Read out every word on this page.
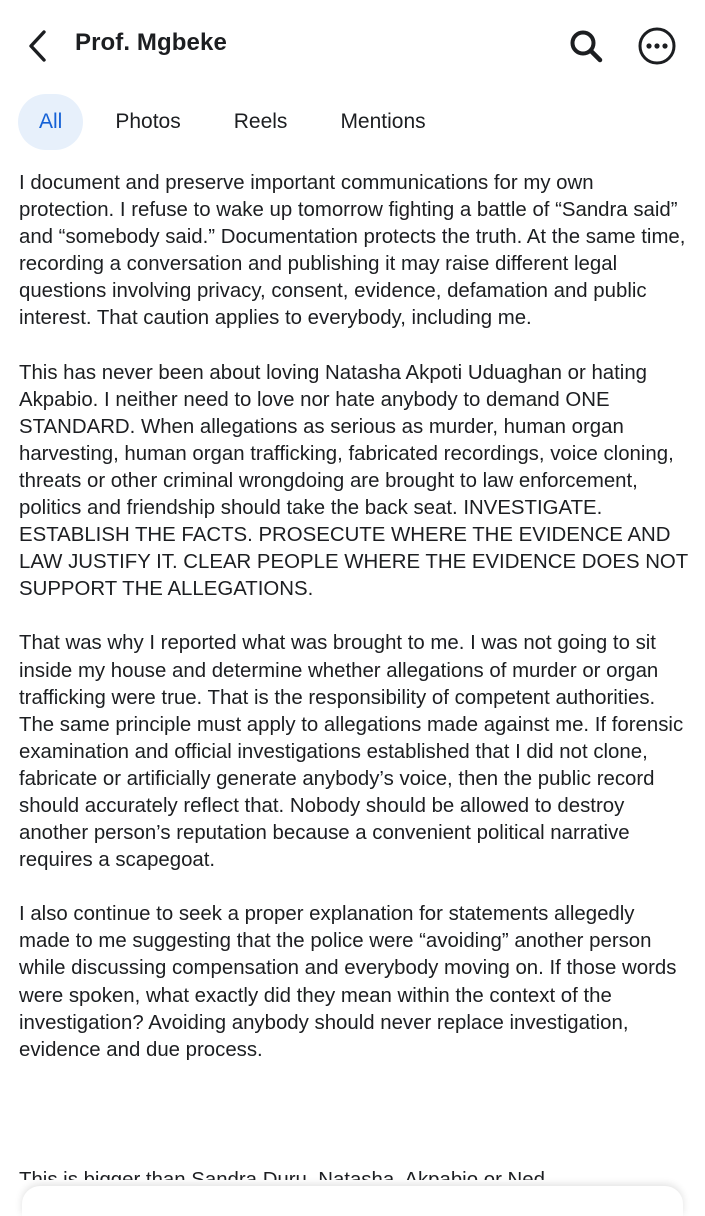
Prof. Mgbeke
All	Photos	Reels	Mentions

I document and preserve important communications for my own protection. I refuse to wake up tomorrow fighting a battle of “Sandra said” and “somebody said.” Documentation protects the truth. At the same time, recording a conversation and publishing it may raise different legal questions involving privacy, consent, evidence, defamation and public interest. That caution applies to everybody, including me.

This has never been about loving Natasha Akpoti Uduaghan or hating Akpabio. I neither need to love nor hate anybody to demand ONE STANDARD. When allegations as serious as murder, human organ harvesting, human organ trafficking, fabricated recordings, voice cloning, threats or other criminal wrongdoing are brought to law enforcement, politics and friendship should take the back seat. INVESTIGATE. ESTABLISH THE FACTS. PROSECUTE WHERE THE EVIDENCE AND LAW JUSTIFY IT. CLEAR PEOPLE WHERE THE EVIDENCE DOES NOT SUPPORT THE ALLEGATIONS.

That was why I reported what was brought to me. I was not going to sit inside my house and determine whether allegations of murder or organ trafficking were true. That is the responsibility of competent authorities. The same principle must apply to allegations made against me. If forensic examination and official investigations established that I did not clone, fabricate or artificially generate anybody’s voice, then the public record should accurately reflect that. Nobody should be allowed to destroy another person’s reputation because a convenient political narrative requires a scapegoat.

I also continue to seek a proper explanation for statements allegedly made to me suggesting that the police were “avoiding” another person while discussing compensation and everybody moving on. If those words were spoken, what exactly did they mean within the context of the investigation? Avoiding anybody should never replace investigation, evidence and due process.
